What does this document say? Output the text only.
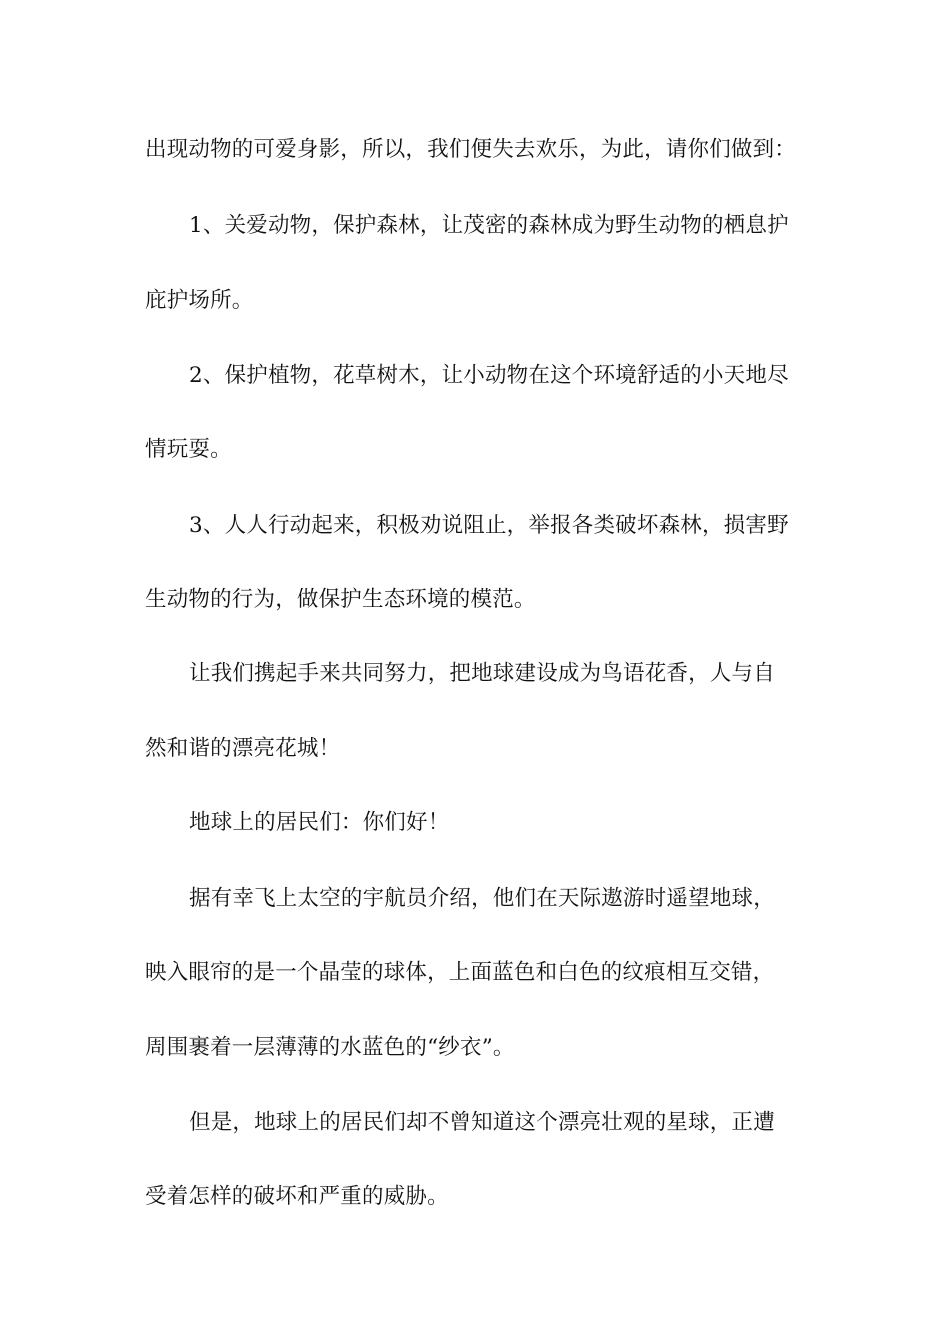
出现动物的可爱身影，所以，我们便失去欢乐，为此，请你们做到：
1、关爱动物，保护森林，让茂密的森林成为野生动物的栖息护
庇护场所。
2、保护植物，花草树木，让小动物在这个环境舒适的小天地尽
情玩耍。
3、人人行动起来，积极劝说阻止，举报各类破坏森林，损害野
生动物的行为，做保护生态环境的模范。
让我们携起手来共同努力，把地球建设成为鸟语花香，人与自
然和谐的漂亮花城！
地球上的居民们：你们好！
据有幸飞上太空的宇航员介绍，他们在天际遨游时遥望地球，
映入眼帘的是一个晶莹的球体，上面蓝色和白色的纹痕相互交错，
周围裹着一层薄薄的水蓝色的“纱衣”。
但是，地球上的居民们却不曾知道这个漂亮壮观的星球，正遭
受着怎样的破坏和严重的威胁。
